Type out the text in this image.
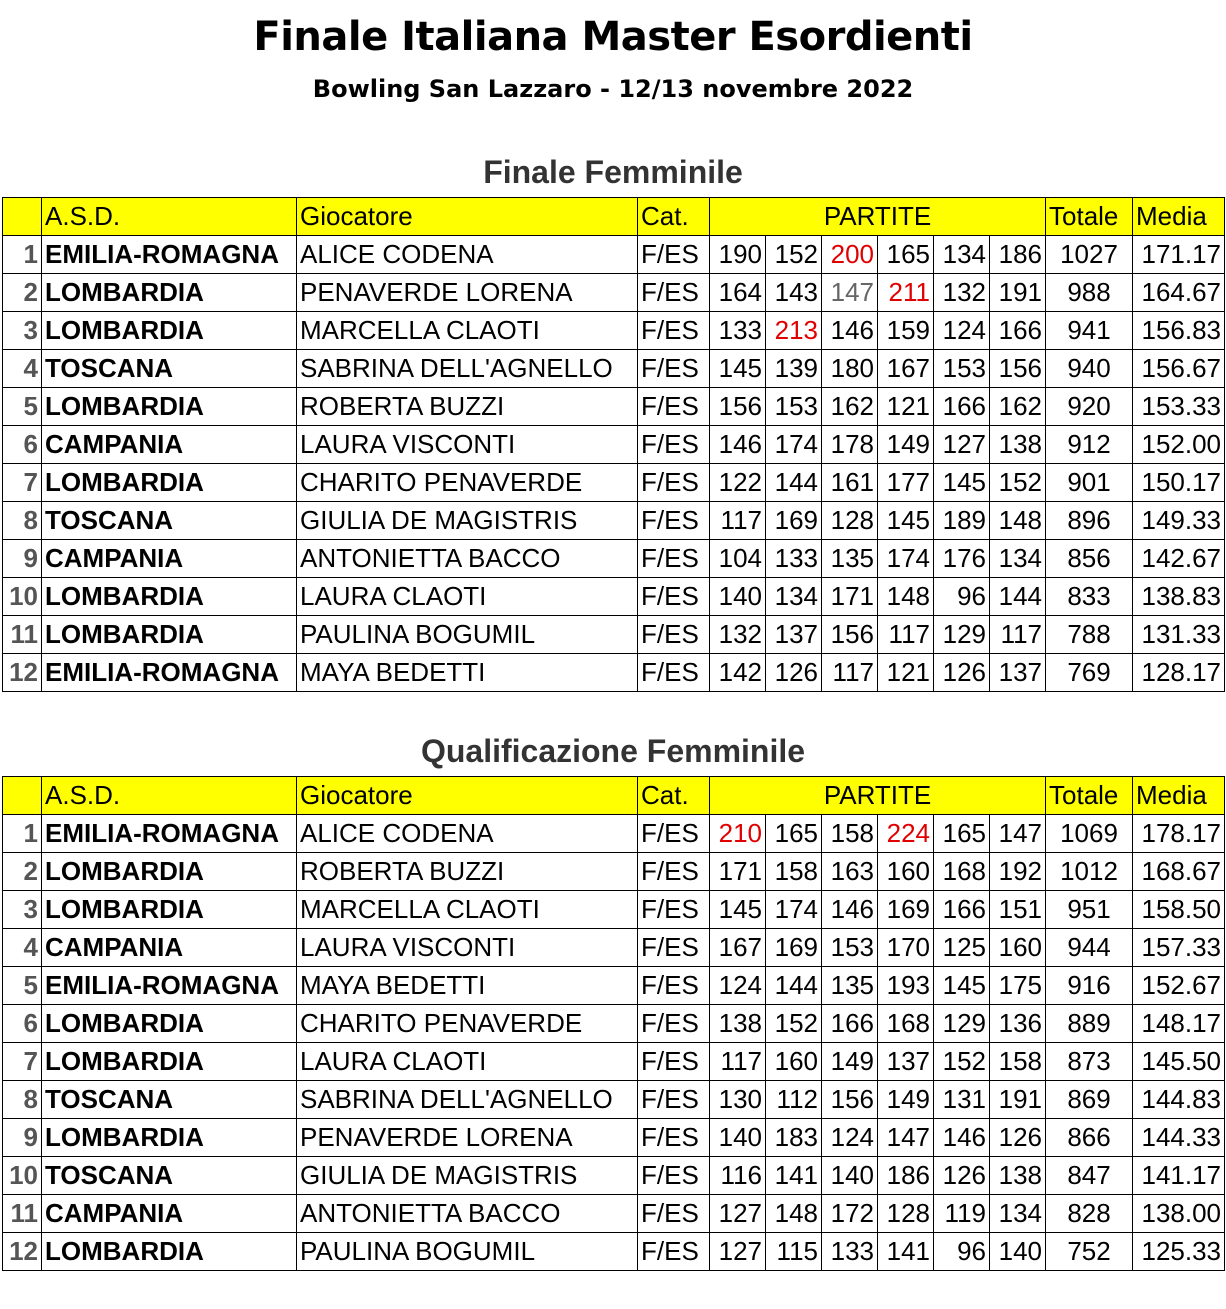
Finale Italiana Master Esordienti
Bowling San Lazzaro - 12/13 novembre 2022
Finale Femminile
	A.S.D.	Giocatore	Cat.	PARTITE						Totale	Media
1	EMILIA-ROMAGNA	ALICE CODENA	F/ES	190	152	200	165	134	186	1027	171.17
2	LOMBARDIA	PENAVERDE LORENA	F/ES	164	143	147	211	132	191	988	164.67
3	LOMBARDIA	MARCELLA CLAOTI	F/ES	133	213	146	159	124	166	941	156.83
4	TOSCANA	SABRINA DELL'AGNELLO	F/ES	145	139	180	167	153	156	940	156.67
5	LOMBARDIA	ROBERTA BUZZI	F/ES	156	153	162	121	166	162	920	153.33
6	CAMPANIA	LAURA VISCONTI	F/ES	146	174	178	149	127	138	912	152.00
7	LOMBARDIA	CHARITO PENAVERDE	F/ES	122	144	161	177	145	152	901	150.17
8	TOSCANA	GIULIA DE MAGISTRIS	F/ES	117	169	128	145	189	148	896	149.33
9	CAMPANIA	ANTONIETTA BACCO	F/ES	104	133	135	174	176	134	856	142.67
10	LOMBARDIA	LAURA CLAOTI	F/ES	140	134	171	148	96	144	833	138.83
11	LOMBARDIA	PAULINA BOGUMIL	F/ES	132	137	156	117	129	117	788	131.33
12	EMILIA-ROMAGNA	MAYA BEDETTI	F/ES	142	126	117	121	126	137	769	128.17
Qualificazione Femminile
	A.S.D.	Giocatore	Cat.	PARTITE						Totale	Media
1	EMILIA-ROMAGNA	ALICE CODENA	F/ES	210	165	158	224	165	147	1069	178.17
2	LOMBARDIA	ROBERTA BUZZI	F/ES	171	158	163	160	168	192	1012	168.67
3	LOMBARDIA	MARCELLA CLAOTI	F/ES	145	174	146	169	166	151	951	158.50
4	CAMPANIA	LAURA VISCONTI	F/ES	167	169	153	170	125	160	944	157.33
5	EMILIA-ROMAGNA	MAYA BEDETTI	F/ES	124	144	135	193	145	175	916	152.67
6	LOMBARDIA	CHARITO PENAVERDE	F/ES	138	152	166	168	129	136	889	148.17
7	LOMBARDIA	LAURA CLAOTI	F/ES	117	160	149	137	152	158	873	145.50
8	TOSCANA	SABRINA DELL'AGNELLO	F/ES	130	112	156	149	131	191	869	144.83
9	LOMBARDIA	PENAVERDE LORENA	F/ES	140	183	124	147	146	126	866	144.33
10	TOSCANA	GIULIA DE MAGISTRIS	F/ES	116	141	140	186	126	138	847	141.17
11	CAMPANIA	ANTONIETTA BACCO	F/ES	127	148	172	128	119	134	828	138.00
12	LOMBARDIA	PAULINA BOGUMIL	F/ES	127	115	133	141	96	140	752	125.33
